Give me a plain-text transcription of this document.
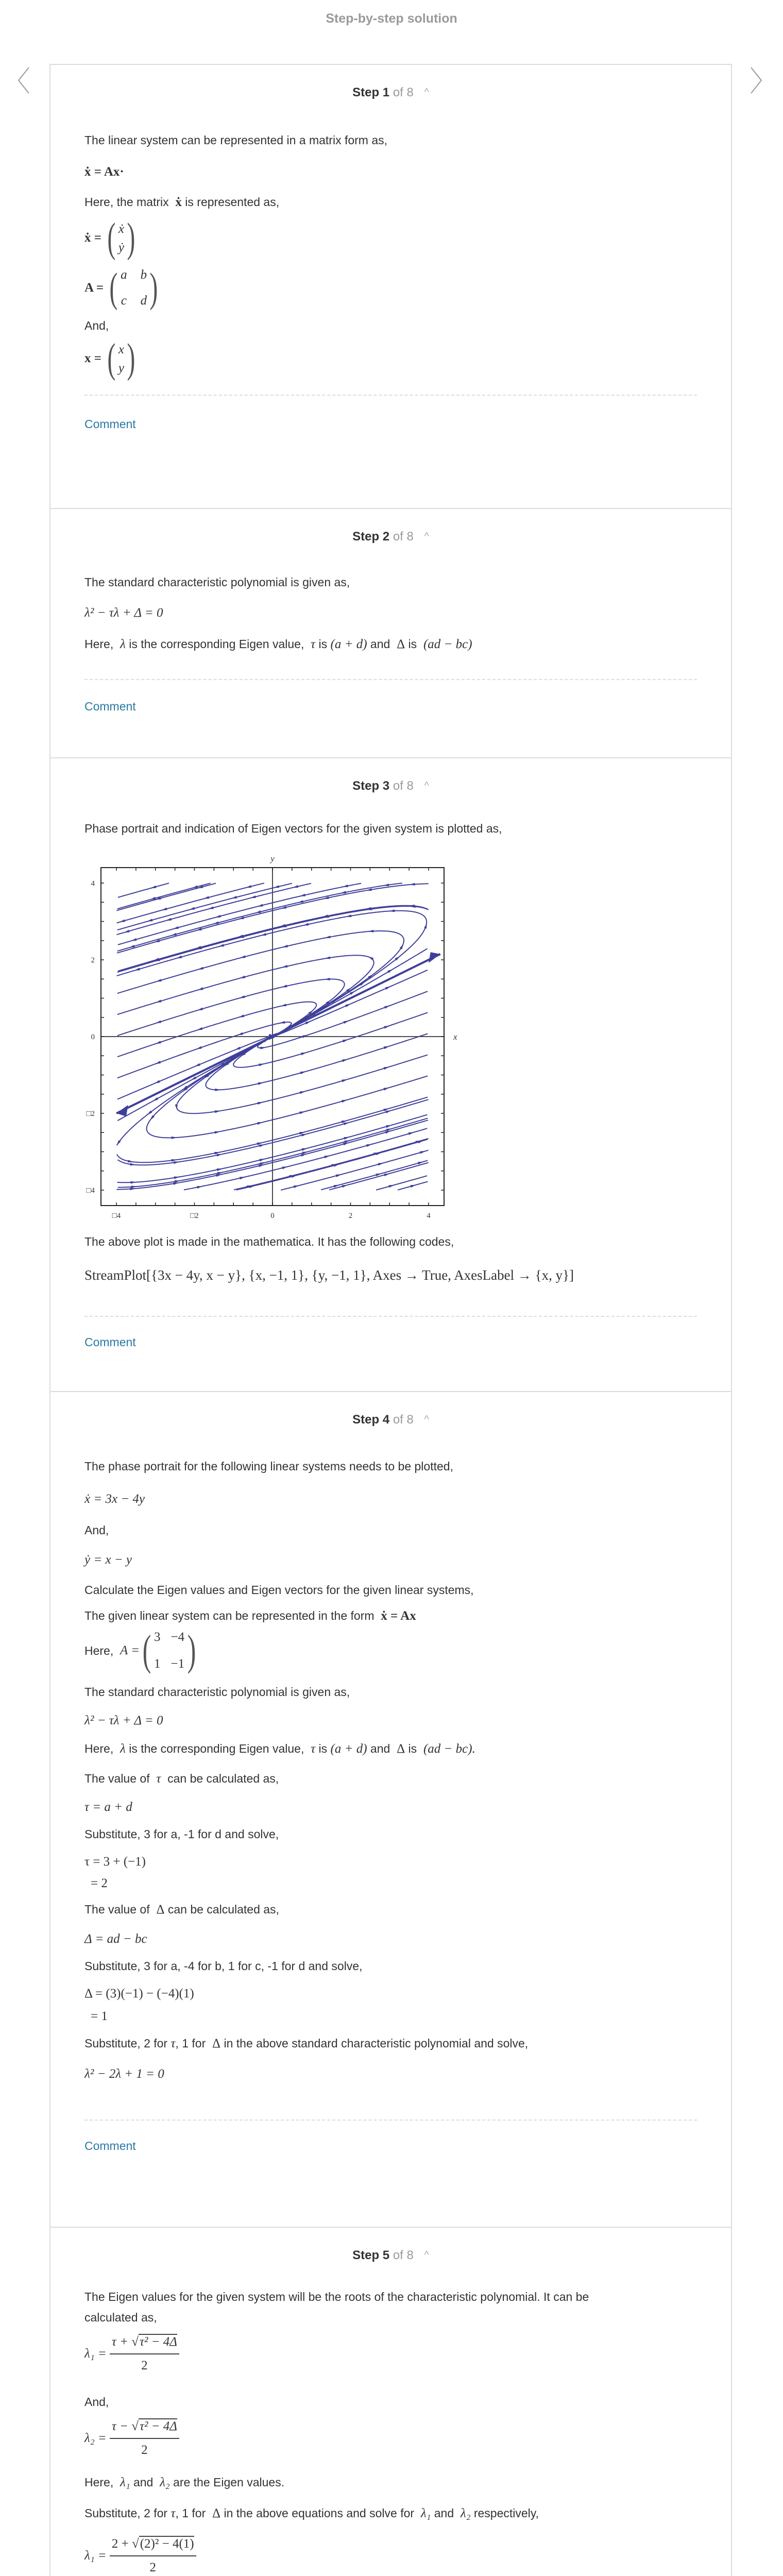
Step-by-step solution
Step 1 of 8 ^
The linear system can be represented in a matrix form as,
ẋ = Ax·
Here, the matrix ẋ is represented as,
ẋ =
( ẋ
ẏ )
A =
( a b
c d )
And,
x =
( x
y )
Comment
Step 2 of 8 ^
The standard characteristic polynomial is given as,
λ² − τλ + Δ = 0
Here, λ is the corresponding Eigen value, τ is (a + d) and Δ is (ad − bc)
Comment
Step 3 of 8 ^
Phase portrait and indication of Eigen vectors for the given system is plotted as,
□4	□2	0	2	4
4
2
0
□2
□4
x
y
The above plot is made in the mathematica. It has the following codes,
StreamPlot[{3x − 4y, x − y}, {x, −1, 1}, {y, −1, 1}, Axes → True, AxesLabel → {x, y}]
Comment
Step 4 of 8 ^
The phase portrait for the following linear systems needs to be plotted,
ẋ = 3x − 4y
And,
ẏ = x − y
Calculate the Eigen values and Eigen vectors for the given linear systems,
The given linear system can be represented in the form ẋ = Ax
Here,
A = ( 3 −4
1 −1 )
The standard characteristic polynomial is given as,
λ² − τλ + Δ = 0
Here, λ is the corresponding Eigen value, τ is (a + d) and Δ is (ad − bc).
The value of τ can be calculated as,
τ = a + d
Substitute, 3 for a, -1 for d and solve,
τ = 3 + (−1)
= 2
The value of Δ can be calculated as,
Δ = ad − bc
Substitute, 3 for a, -4 for b, 1 for c, -1 for d and solve,
Δ = (3)(−1) − (−4)(1)
= 1
Substitute, 2 for τ, 1 for Δ in the above standard characteristic polynomial and solve,
λ² − 2λ + 1 = 0
Comment
Step 5 of 8 ^
The Eigen values for the given system will be the roots of the characteristic polynomial. It can be
calculated as,
λ₁ =
$\frac{\text{τ + √τ² − 4Δ}}{2}$
And,
λ₂ =
$\frac{\text{τ − √τ² − 4Δ}}{2}$
Here, λ₁ and λ₂ are the Eigen values.
Substitute, 2 for τ, 1 for Δ in the above equations and solve for λ₁ and λ₂ respectively,
λ₁ =
$\frac{\text{2 + √(2)² − 4(1)}}{2}$
